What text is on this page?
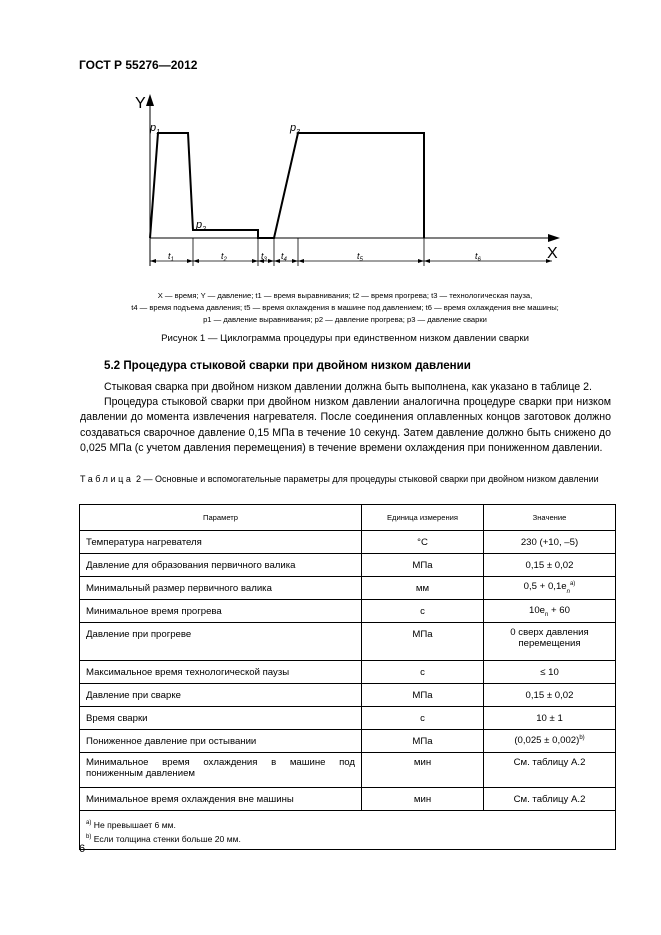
ГОСТ Р 55276—2012
Y
X
$p_1$
$p_2$
$p_3$
$t_1$	$t_2$	$t_3$ $t_4$	$t_5$	$t_6$
X — время; Y — давление; t1 — время выравнивания; t2 — время прогрева; t3 — технологическая пауза,
t4 — время подъема давления; t5 — время охлаждения в машине под давлением; t6 — время охлаждения вне машины;
p1 — давление выравнивания; p2 — давление прогрева; p3 — давление сварки
Рисунок 1 — Циклограмма процедуры при единственном низком давлении сварки
5.2 Процедура стыковой сварки при двойном низком давлении
Стыковая сварка при двойном низком давлении должна быть выполнена, как указано в таблице 2.
Процедура стыковой сварки при двойном низком давлении аналогична процедуре сварки при низком давлении до момента извлечения нагревателя. После соединения оплавленных концов заготовок должно создаваться сварочное давление 0,15 МПа в течение 10 секунд. Затем давление должно быть снижено до 0,025 МПа (с учетом давления перемещения) в течение времени охлаждения при пониженном давлении.
Таблица 2 — Основные и вспомогательные параметры для процедуры стыковой сварки при двойном низком давлении
Параметр	Единица измерения	Значение
Температура нагревателя	°С	230 (+10, –5)
Давление для образования первичного валика	МПа	0,15 ± 0,02
Минимальный размер первичного валика	мм	$0,5 + 0,1e_n^{a)}$
Минимальное время прогрева	с	$10e_n + 60$
Давление при прогреве	МПа	0 сверх давления перемещения
Максимальное время технологической паузы	с	≤ 10
Давление при сварке	МПа	0,15 ± 0,02
Время сварки	с	10 ± 1
Пониженное давление при остывании	МПа	$(0,025 \pm 0,002)^{b)}$
Минимальное время охлаждения в машине под пониженным давлением	мин	См. таблицу А.2
Минимальное время охлаждения вне машины	мин	См. таблицу А.2

$^{a)}$ Не превышает 6 мм.
$^{b)}$ Если толщина стенки больше 20 мм.		
6
